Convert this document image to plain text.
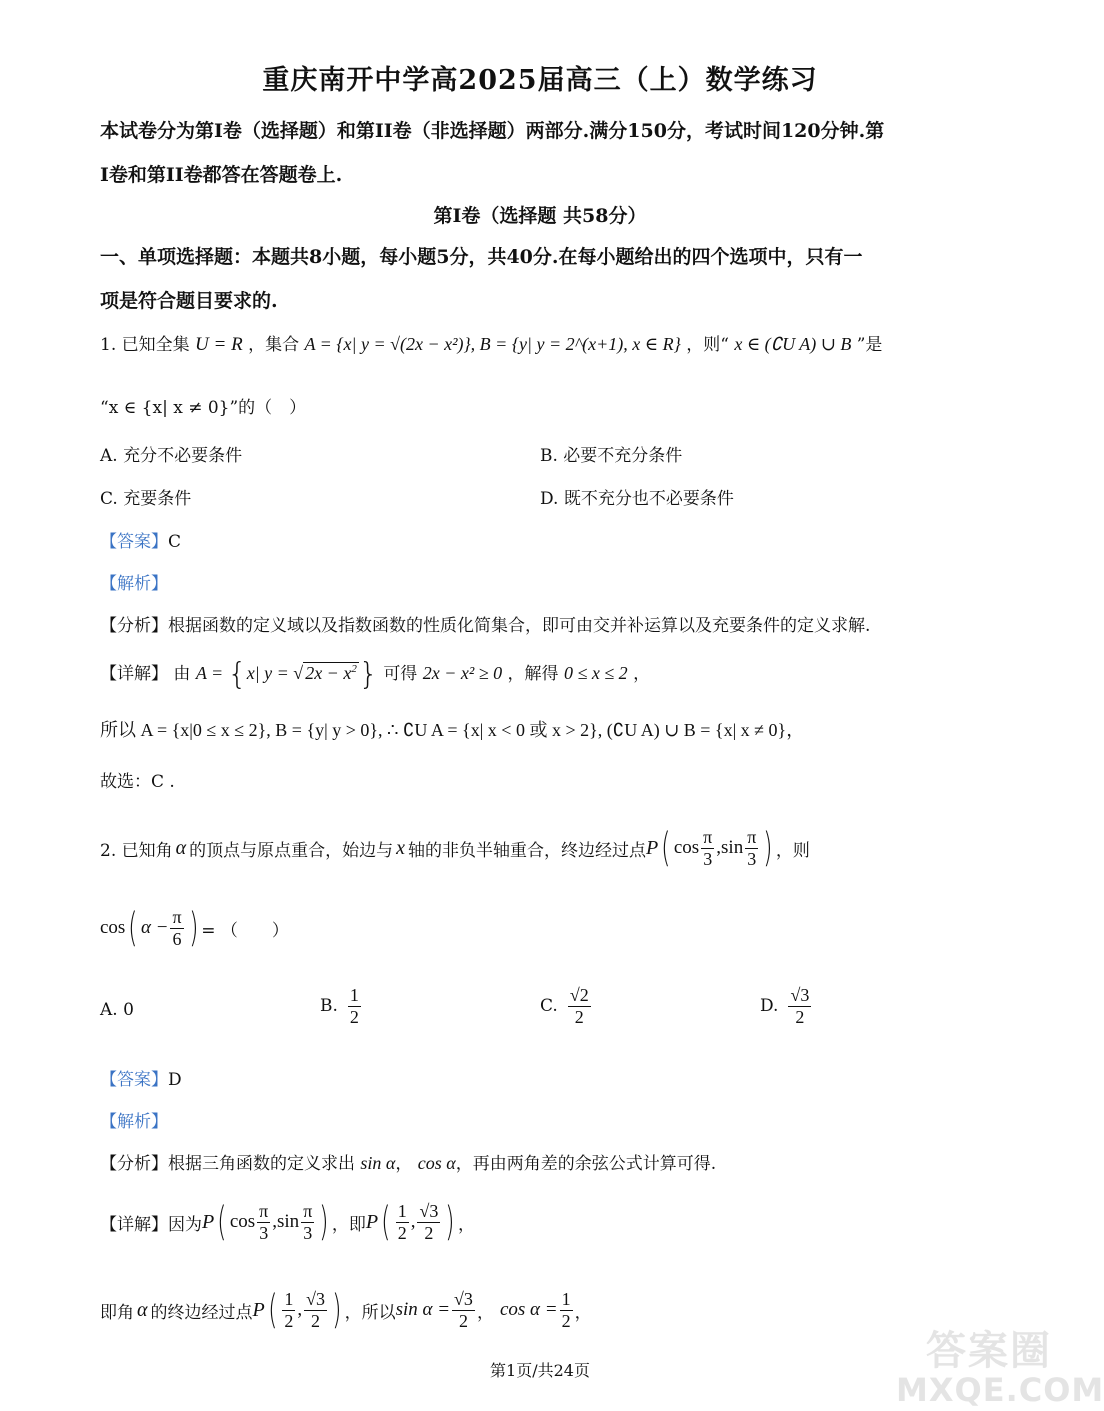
重庆南开中学高2025届高三（上）数学练习
本试卷分为第I卷（选择题）和第II卷（非选择题）两部分.满分150分，考试时间120分钟.第
I卷和第II卷都答在答题卷上.
第I卷（选择题 共58分）
一、单项选择题：本题共8小题，每小题5分，共40分.在每小题给出的四个选项中，只有一
项是符合题目要求的.
1. 已知全集 U = R ，集合 A = {x| y = √(2x − x²)}, B = {y| y = 2^(x+1), x ∈ R} ，则“ x ∈ (∁U A) ∪ B ”是
“x ∈ {x| x ≠ 0}”的（　）
A. 充分不必要条件	B. 必要不充分条件
C. 充要条件	D. 既不充分也不必要条件
【答案】C
【解析】
【分析】根据函数的定义域以及指数函数的性质化简集合，即可由交并补运算以及充要条件的定义求解.
【详解】 由 A = {x| y = √ $2x - x^2$} 可得 2x − x² ≥ 0 ，解得 0 ≤ x ≤ 2 ，
所以 A = {x|0 ≤ x ≤ 2}, B = {y| y > 0}, ∴ ∁U A = {x| x < 0 或 x > 2}, (∁U A) ∪ B = {x| x ≠ 0}，
故选：C .
2. 已知角 α 的顶点与原点重合，始边与 x 轴的非负半轴重合，终边经过点 P ( $\cos \frac{\pi}{3}$ , $\sin \frac{\pi}{3}$ ) ，则
cos ( $\alpha - \frac{\pi}{6}$ ) = （　　）
A. 0	B. $\frac{1}{2}$	C. $\frac{√2}{2}$	D. $\frac{√3}{2}$
【答案】D
【解析】
【分析】根据三角函数的定义求出 sin α， cos α，再由两角差的余弦公式计算可得.
【详解】 因为 P ( $\cos \frac{\pi}{3}$ , $\sin \frac{\pi}{3}$ ) ，即 P ( $\frac{1}{2}$ , $\frac{√3}{2}$ ) ，
即角 α 的终边经过点 P ( $\frac{1}{2}$ , $\frac{√3}{2}$ ) ，所以 $\sin \alpha = \frac{√3}{2}$ ， $\cos \alpha = \frac{1}{2}$ ，
第1页/共24页	答案圈
MXQE.COM
